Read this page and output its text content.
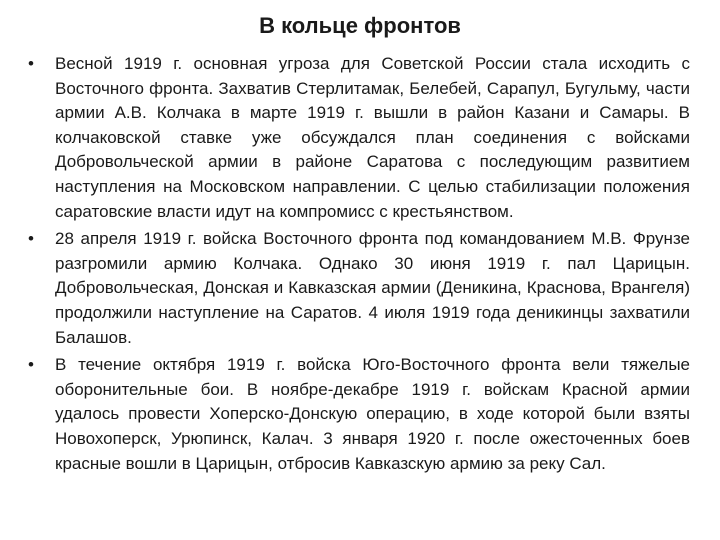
В кольце фронтов
• Весной 1919 г. основная угроза для Советской России стала исходить с Восточного фронта. Захватив Стерлитамак, Белебей, Сарапул, Бугульму, части армии А.В. Колчака в марте 1919 г. вышли в район Казани и Самары. В колчаковской ставке уже обсуждался план соединения с войсками Добровольческой армии в районе Саратова с последующим развитием наступления на Московском направлении. С целью стабилизации положения саратовские власти идут на компромисс с крестьянством.
• 28 апреля 1919 г. войска Восточного фронта под командованием М.В. Фрунзе разгромили армию Колчака. Однако 30 июня 1919 г. пал Царицын. Добровольческая, Донская и Кавказская армии (Деникина, Краснова, Врангеля) продолжили наступление на Саратов. 4 июля 1919 года деникинцы захватили Балашов.
• В течение октября 1919 г. войска Юго-Восточного фронта вели тяжелые оборонительные бои. В ноябре-декабре 1919 г. войскам Красной армии удалось провести Хоперско-Донскую операцию, в ходе которой были взяты Новохоперск, Урюпинск, Калач. 3 января 1920 г. после ожесточенных боев красные вошли в Царицын, отбросив Кавказскую армию за реку Сал.
